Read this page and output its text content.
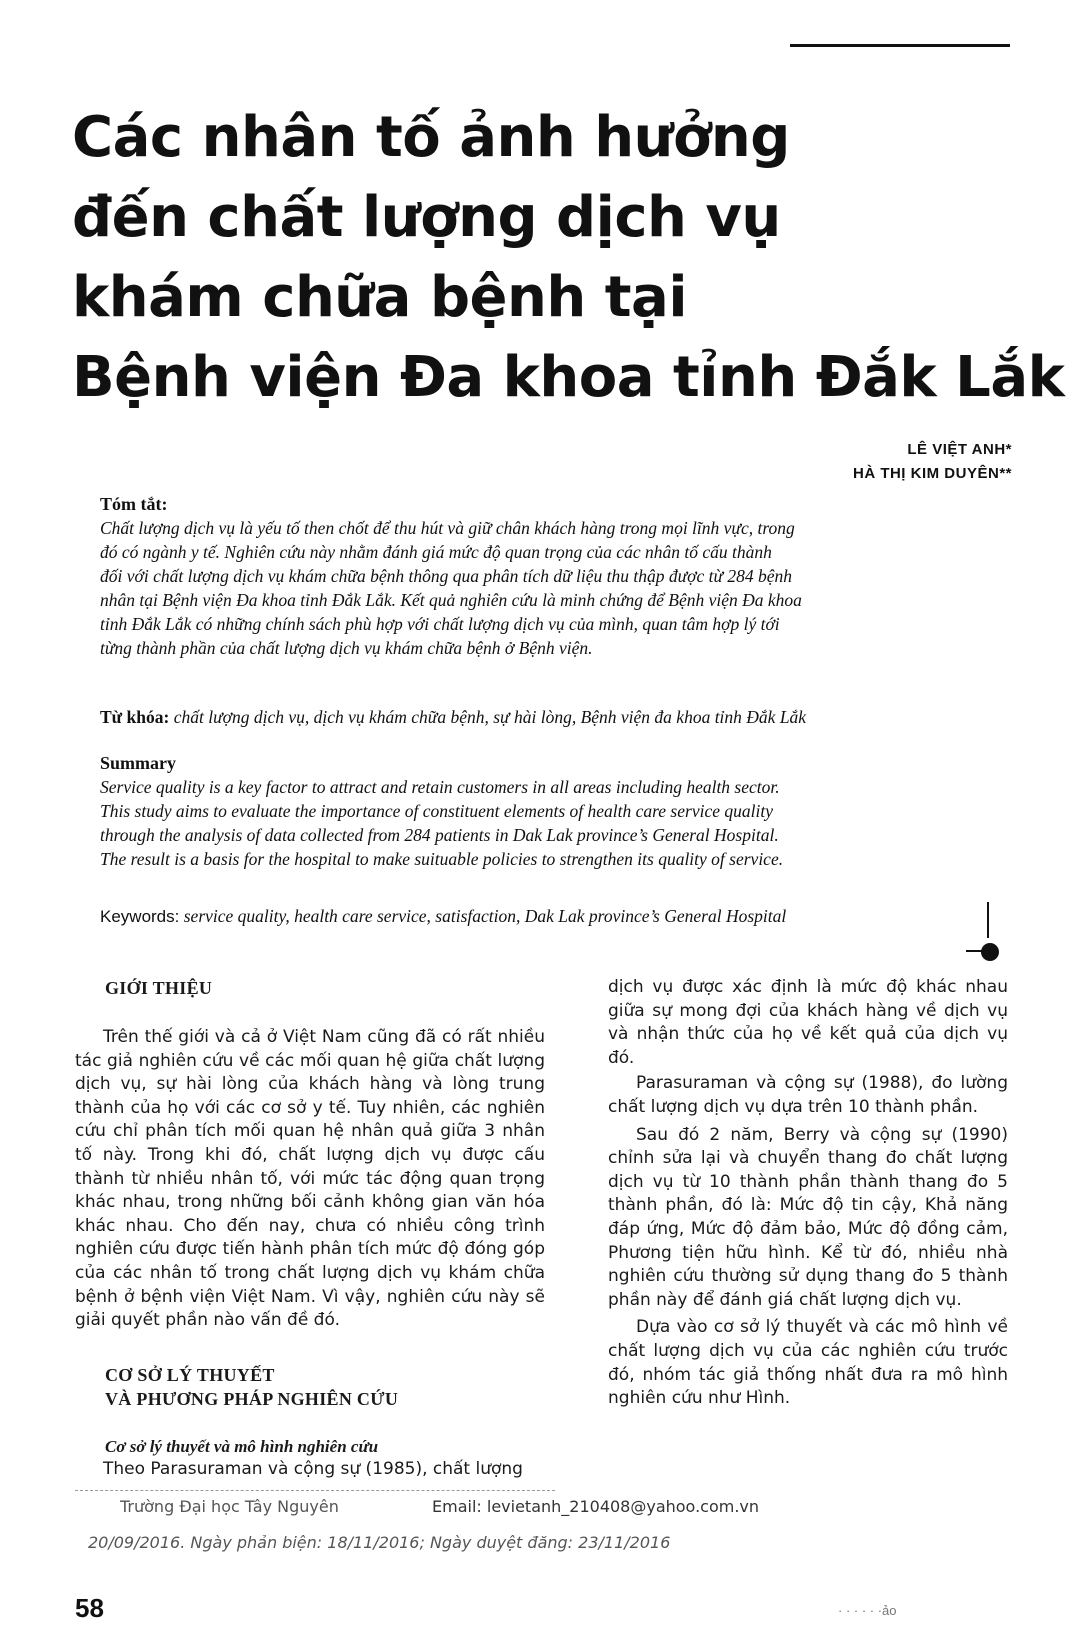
Các nhân tố ảnh hưởng
đến chất lượng dịch vụ
khám chữa bệnh tại
Bệnh viện Đa khoa tỉnh Đắk Lắk
LÊ VIỆT ANH*
HÀ THỊ KIM DUYÊN**
Tóm tắt:

Chất lượng dịch vụ là yếu tố then chốt để thu hút và giữ chân khách hàng trong mọi lĩnh vực, trong

đó có ngành y tế. Nghiên cứu này nhằm đánh giá mức độ quan trọng của các nhân tố cấu thành

đối với chất lượng dịch vụ khám chữa bệnh thông qua phân tích dữ liệu thu thập được từ 284 bệnh

nhân tại Bệnh viện Đa khoa tỉnh Đắk Lắk. Kết quả nghiên cứu là minh chứng để Bệnh viện Đa khoa

tỉnh Đắk Lắk có những chính sách phù hợp với chất lượng dịch vụ của mình, quan tâm hợp lý tới

từng thành phần của chất lượng dịch vụ khám chữa bệnh ở Bệnh viện.

Từ khóa: chất lượng dịch vụ, dịch vụ khám chữa bệnh, sự hài lòng, Bệnh viện đa khoa tỉnh Đắk Lắk
Summary

Service quality is a key factor to attract and retain customers in all areas including health sector.

This study aims to evaluate the importance of constituent elements of health care service quality

through the analysis of data collected from 284 patients in Dak Lak province’s General Hospital.

The result is a basis for the hospital to make suituable policies to strengthen its quality of service.

Keywords: service quality, health care service, satisfaction, Dak Lak province’s General Hospital
GIỚI THIỆU

Trên thế giới và cả ở Việt Nam cũng đã có rất nhiều tác giả nghiên cứu về các mối quan hệ giữa chất lượng dịch vụ, sự hài lòng của khách hàng và lòng trung thành của họ với các cơ sở y tế. Tuy nhiên, các nghiên cứu chỉ phân tích mối quan hệ nhân quả giữa 3 nhân tố này. Trong khi đó, chất lượng dịch vụ được cấu thành từ nhiều nhân tố, với mức tác động quan trọng khác nhau, trong những bối cảnh không gian văn hóa khác nhau. Cho đến nay, chưa có nhiều công trình nghiên cứu được tiến hành phân tích mức độ đóng góp của các nhân tố trong chất lượng dịch vụ khám chữa bệnh ở bệnh viện Việt Nam. Vì vậy, nghiên cứu này sẽ giải quyết phần nào vấn đề đó.

CƠ SỞ LÝ THUYẾT
VÀ PHƯƠNG PHÁP NGHIÊN CỨU
Cơ sở lý thuyết và mô hình nghiên cứu

Theo Parasuraman và cộng sự (1985), chất lượng

dịch vụ được xác định là mức độ khác nhau giữa sự mong đợi của khách hàng về dịch vụ và nhận thức của họ về kết quả của dịch vụ đó.

Parasuraman và cộng sự (1988), đo lường chất lượng dịch vụ dựa trên 10 thành phần.

Sau đó 2 năm, Berry và cộng sự (1990) chỉnh sửa lại và chuyển thang đo chất lượng dịch vụ từ 10 thành phần thành thang đo 5 thành phần, đó là: Mức độ tin cậy, Khả năng đáp ứng, Mức độ đảm bảo, Mức độ đồng cảm, Phương tiện hữu hình. Kể từ đó, nhiều nhà nghiên cứu thường sử dụng thang đo 5 thành phần này để đánh giá chất lượng dịch vụ.

Dựa vào cơ sở lý thuyết và các mô hình về chất lượng dịch vụ của các nghiên cứu trước đó, nhóm tác giả thống nhất đưa ra mô hình nghiên cứu như Hình.

Trường Đại học Tây Nguyên	Email: levietanh_210408@yahoo.com.vn
20/09/2016. Ngày phản biện: 18/11/2016; Ngày duyệt đăng: 23/11/2016
58	· · · · · ·ảo
